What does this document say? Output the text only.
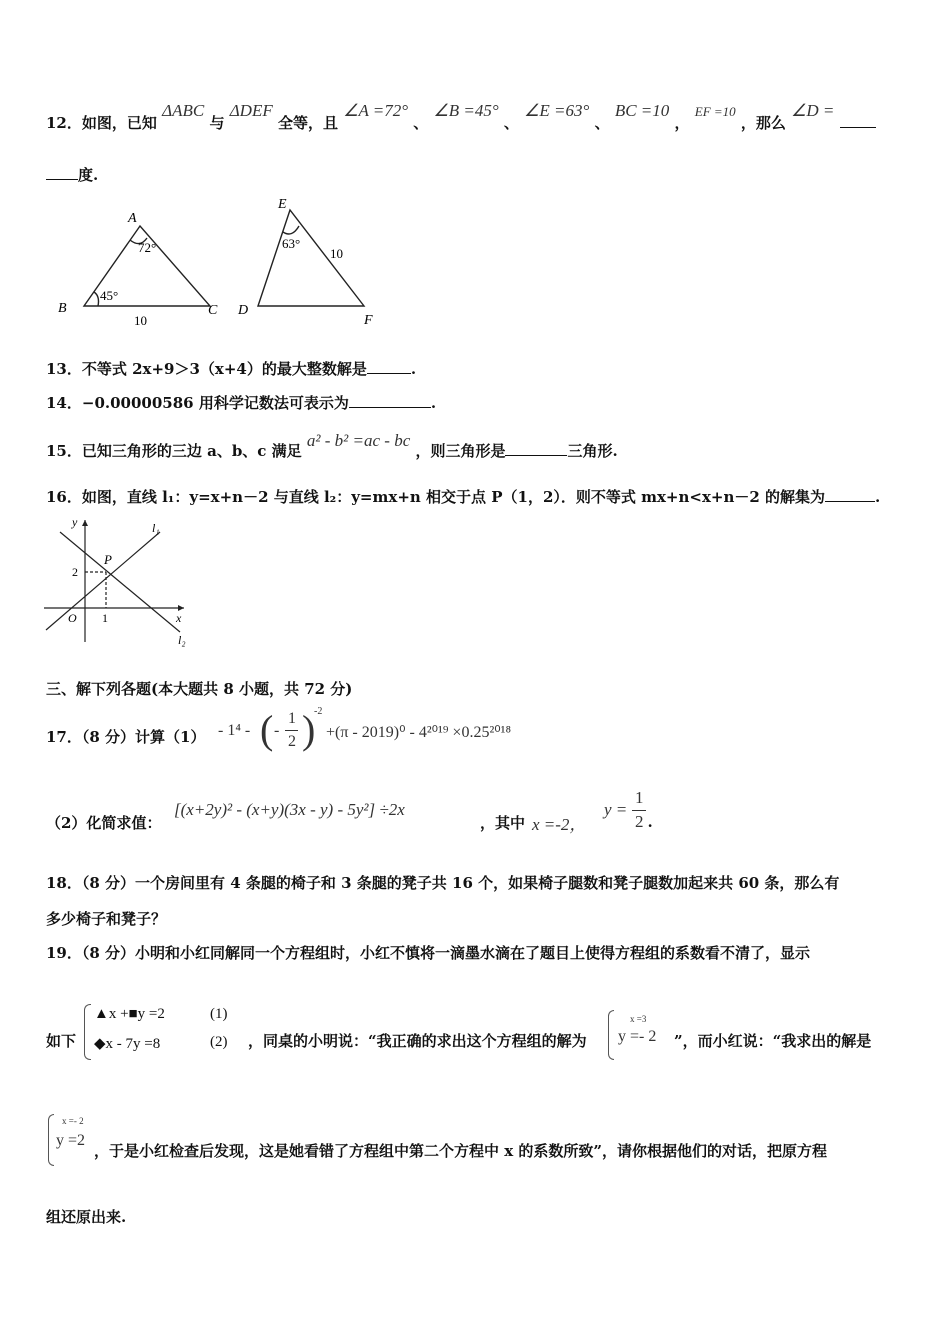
12．如图，已知 ΔABC 与 ΔDEF 全等，且 ∠A =72° 、 ∠B =45° 、 ∠E =63° 、 BC =10 ， EF =10 ，那么 ∠D =
度.
A
B	C
72°
45°
10
E
D
F
63°
10
13．不等式 2x+9＞3（x+4）的最大整数解是	.
14．−0.00000586 用科学记数法可表示为	.
15．已知三角形的三边 a、b、c 满足 a² - b² =ac - bc ，则三角形是	三角形.
16．如图，直线 l₁：y=x+n－2 与直线 l₂：y=mx+n 相交于点 P（1，2）．则不等式 mx+n<x+n－2 的解集为	.
y
x
O
P
2
1
l₁
l₂
三、解下列各题(本大题共 8 小题，共 72 分)
17．（8 分）计算（1） - 1⁴ - ( -
1
2 )
-2
+(π - 2019)⁰ - 4²⁰¹⁹ ×0.25²⁰¹⁸
（2）化简求值：
[(x+2y)² - (x+y)(3x - y) - 5y²] ÷2x
，其中 x =-2，
y =
1
2 .
18．（8 分）一个房间里有 4 条腿的椅子和 3 条腿的凳子共 16 个，如果椅子腿数和凳子腿数加起来共 60 条，那么有
多少椅子和凳子？
19．（8 分）小明和小红同解同一个方程组时，小红不慎将一滴墨水滴在了题目上使得方程组的系数看不清了，显示
如下
▲x +■y =2	(1)
◆x - 7y =8	(2) ，同桌的小明说：“我正确的求出这个方程组的解为
x =3
y =- 2 ”，而小红说：“我求出的解是
x =- 2
y =2
，于是小红检查后发现，这是她看错了方程组中第二个方程中 x 的系数所致”，请你根据他们的对话，把原方程
组还原出来.
